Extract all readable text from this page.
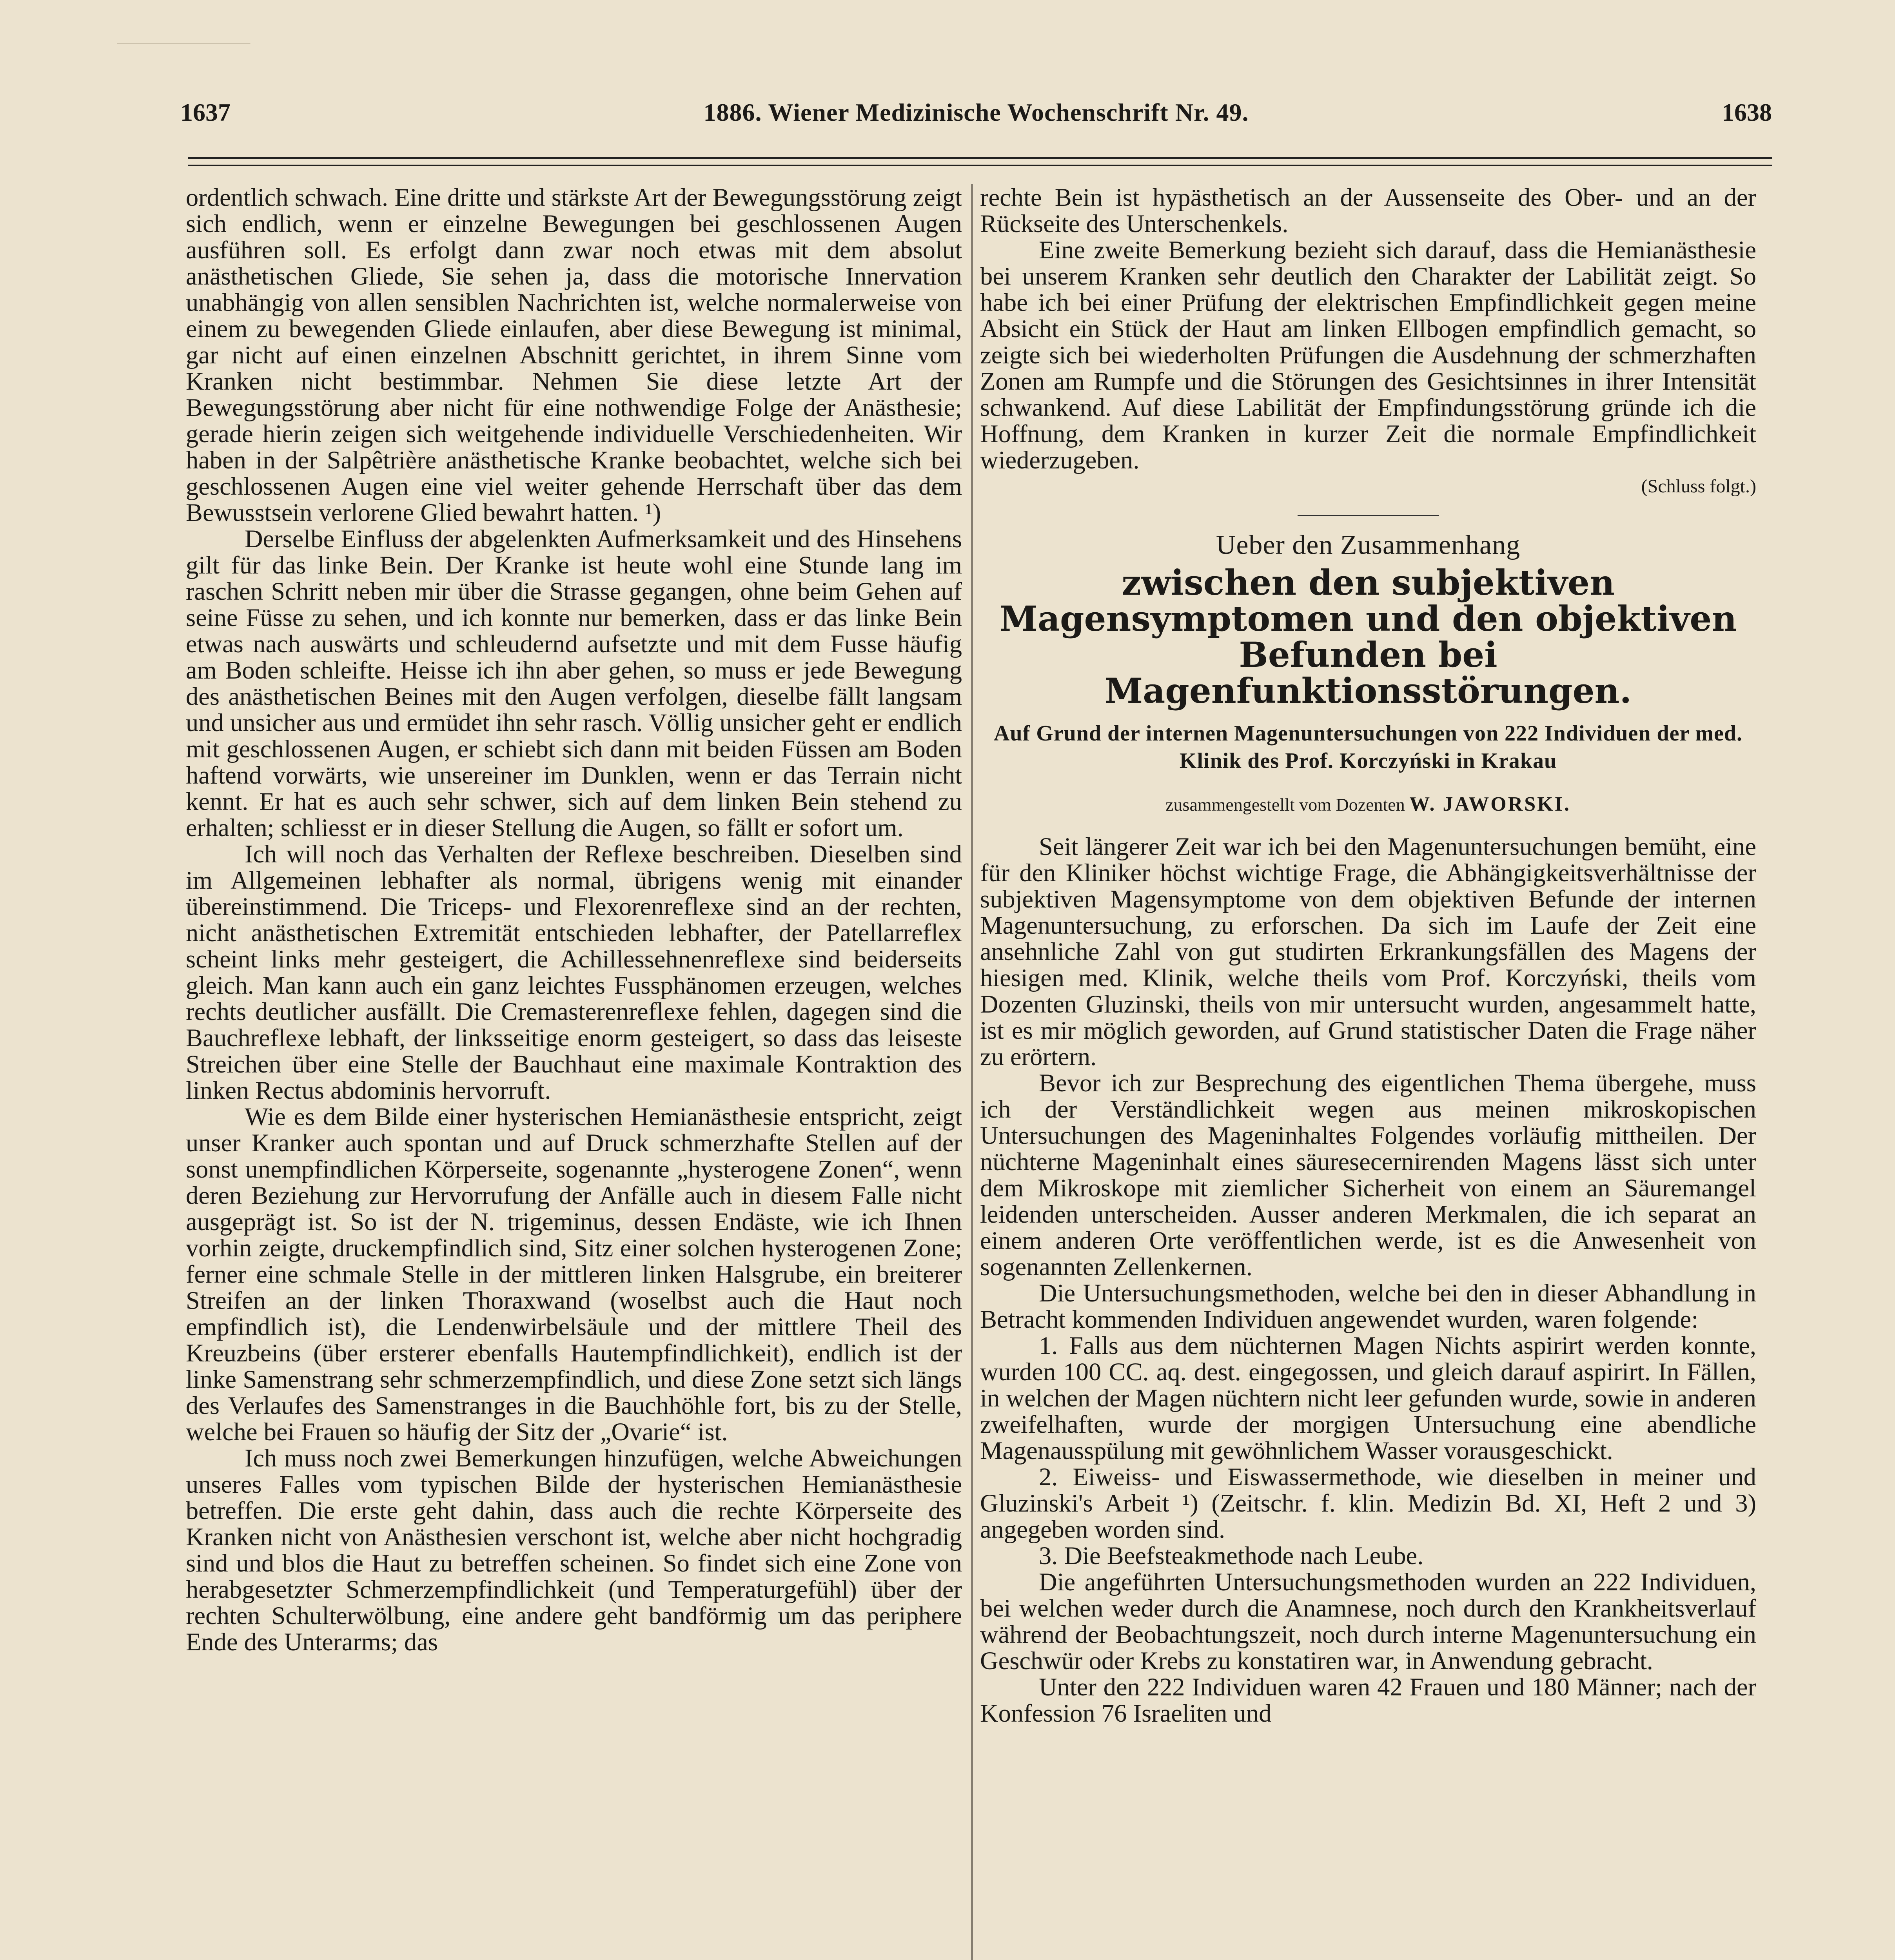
1637	1886. Wiener Medizinische Wochenschrift Nr. 49.	1638

ordentlich schwach. Eine dritte und stärkste Art der Bewegungsstörung zeigt sich endlich, wenn er einzelne Bewegungen bei geschlossenen Augen ausführen soll. Es erfolgt dann zwar noch etwas mit dem absolut anästhetischen Gliede, Sie sehen ja, dass die motorische Innervation unabhängig von allen sensiblen Nachrichten ist, welche normalerweise von einem zu bewegenden Gliede einlaufen, aber diese Bewegung ist minimal, gar nicht auf einen einzelnen Abschnitt gerichtet, in ihrem Sinne vom Kranken nicht bestimmbar. Nehmen Sie diese letzte Art der Bewegungsstörung aber nicht für eine nothwendige Folge der Anästhesie; gerade hierin zeigen sich weitgehende individuelle Verschiedenheiten. Wir haben in der Salpêtrière anästhetische Kranke beobachtet, welche sich bei geschlossenen Augen eine viel weiter gehende Herrschaft über das dem Bewusstsein verlorene Glied bewahrt hatten. ¹)

Derselbe Einfluss der abgelenkten Aufmerksamkeit und des Hinsehens gilt für das linke Bein. Der Kranke ist heute wohl eine Stunde lang im raschen Schritt neben mir über die Strasse gegangen, ohne beim Gehen auf seine Füsse zu sehen, und ich konnte nur bemerken, dass er das linke Bein etwas nach auswärts und schleudernd aufsetzte und mit dem Fusse häufig am Boden schleifte. Heisse ich ihn aber gehen, so muss er jede Bewegung des anästhetischen Beines mit den Augen verfolgen, dieselbe fällt langsam und unsicher aus und ermüdet ihn sehr rasch. Völlig unsicher geht er endlich mit geschlossenen Augen, er schiebt sich dann mit beiden Füssen am Boden haftend vorwärts, wie unsereiner im Dunklen, wenn er das Terrain nicht kennt. Er hat es auch sehr schwer, sich auf dem linken Bein stehend zu erhalten; schliesst er in dieser Stellung die Augen, so fällt er sofort um.

Ich will noch das Verhalten der Reflexe beschreiben. Dieselben sind im Allgemeinen lebhafter als normal, übrigens wenig mit einander übereinstimmend. Die Triceps- und Flexorenreflexe sind an der rechten, nicht anästhetischen Extremität entschieden lebhafter, der Patellarreflex scheint links mehr gesteigert, die Achillessehnenreflexe sind beiderseits gleich. Man kann auch ein ganz leichtes Fussphänomen erzeugen, welches rechts deutlicher ausfällt. Die Cremasterenreflexe fehlen, dagegen sind die Bauchreflexe lebhaft, der linksseitige enorm gesteigert, so dass das leiseste Streichen über eine Stelle der Bauchhaut eine maximale Kontraktion des linken Rectus abdominis hervorruft.

Wie es dem Bilde einer hysterischen Hemianästhesie entspricht, zeigt unser Kranker auch spontan und auf Druck schmerzhafte Stellen auf der sonst unempfindlichen Körperseite, sogenannte „hysterogene Zonen“, wenn deren Beziehung zur Hervorrufung der Anfälle auch in diesem Falle nicht ausgeprägt ist. So ist der N. trigeminus, dessen Endäste, wie ich Ihnen vorhin zeigte, druckempfindlich sind, Sitz einer solchen hysterogenen Zone; ferner eine schmale Stelle in der mittleren linken Halsgrube, ein breiterer Streifen an der linken Thoraxwand (woselbst auch die Haut noch empfindlich ist), die Lendenwirbelsäule und der mittlere Theil des Kreuzbeins (über ersterer ebenfalls Hautempfindlichkeit), endlich ist der linke Samenstrang sehr schmerzempfindlich, und diese Zone setzt sich längs des Verlaufes des Samenstranges in die Bauchhöhle fort, bis zu der Stelle, welche bei Frauen so häufig der Sitz der „Ovarie“ ist.

Ich muss noch zwei Bemerkungen hinzufügen, welche Abweichungen unseres Falles vom typischen Bilde der hysterischen Hemianästhesie betreffen. Die erste geht dahin, dass auch die rechte Körperseite des Kranken nicht von Anästhesien verschont ist, welche aber nicht hochgradig sind und blos die Haut zu betreffen scheinen. So findet sich eine Zone von herabgesetzter Schmerzempfindlichkeit (und Temperaturgefühl) über der rechten Schulterwölbung, eine andere geht bandförmig um das periphere Ende des Unterarms; das

rechte Bein ist hypästhetisch an der Aussenseite des Ober- und an der Rückseite des Unterschenkels.

Eine zweite Bemerkung bezieht sich darauf, dass die Hemianästhesie bei unserem Kranken sehr deutlich den Charakter der Labilität zeigt. So habe ich bei einer Prüfung der elektrischen Empfindlichkeit gegen meine Absicht ein Stück der Haut am linken Ellbogen empfindlich gemacht, so zeigte sich bei wiederholten Prüfungen die Ausdehnung der schmerzhaften Zonen am Rumpfe und die Störungen des Gesichtsinnes in ihrer Intensität schwankend. Auf diese Labilität der Empfindungsstörung gründe ich die Hoffnung, dem Kranken in kurzer Zeit die normale Empfindlichkeit wiederzugeben.

(Schluss folgt.)
Ueber den Zusammenhang
zwischen den subjektiven Magensymptomen und den objektiven Befunden bei Magenfunktionsstörungen.
Auf Grund der internen Magenuntersuchungen von 222 Individuen der med. Klinik des Prof. Korczyński in Krakau
zusammengestellt vom Dozenten W. JAWORSKI.

Seit längerer Zeit war ich bei den Magenuntersuchungen bemüht, eine für den Kliniker höchst wichtige Frage, die Abhängigkeitsverhältnisse der subjektiven Magensymptome von dem objektiven Befunde der internen Magenuntersuchung, zu erforschen. Da sich im Laufe der Zeit eine ansehnliche Zahl von gut studirten Erkrankungsfällen des Magens der hiesigen med. Klinik, welche theils vom Prof. Korczyński, theils vom Dozenten Gluzinski, theils von mir untersucht wurden, angesammelt hatte, ist es mir möglich geworden, auf Grund statistischer Daten die Frage näher zu erörtern.

Bevor ich zur Besprechung des eigentlichen Thema übergehe, muss ich der Verständlichkeit wegen aus meinen mikroskopischen Untersuchungen des Mageninhaltes Folgendes vorläufig mittheilen. Der nüchterne Mageninhalt eines säuresecernirenden Magens lässt sich unter dem Mikroskope mit ziemlicher Sicherheit von einem an Säuremangel leidenden unterscheiden. Ausser anderen Merkmalen, die ich separat an einem anderen Orte veröffentlichen werde, ist es die Anwesenheit von sogenannten Zellenkernen.

Die Untersuchungsmethoden, welche bei den in dieser Abhandlung in Betracht kommenden Individuen angewendet wurden, waren folgende:

1. Falls aus dem nüchternen Magen Nichts aspirirt werden konnte, wurden 100 CC. aq. dest. eingegossen, und gleich darauf aspirirt. In Fällen, in welchen der Magen nüchtern nicht leer gefunden wurde, sowie in anderen zweifelhaften, wurde der morgigen Untersuchung eine abendliche Magenausspülung mit gewöhnlichem Wasser vorausgeschickt.

2. Eiweiss- und Eiswassermethode, wie dieselben in meiner und Gluzinski's Arbeit ¹) (Zeitschr. f. klin. Medizin Bd. XI, Heft 2 und 3) angegeben worden sind.

3. Die Beefsteakmethode nach Leube.

Die angeführten Untersuchungsmethoden wurden an 222 Individuen, bei welchen weder durch die Anamnese, noch durch den Krankheitsverlauf während der Beobachtungszeit, noch durch interne Magenuntersuchung ein Geschwür oder Krebs zu konstatiren war, in Anwendung gebracht.

Unter den 222 Individuen waren 42 Frauen und 180 Männer; nach der Konfession 76 Israeliten und
